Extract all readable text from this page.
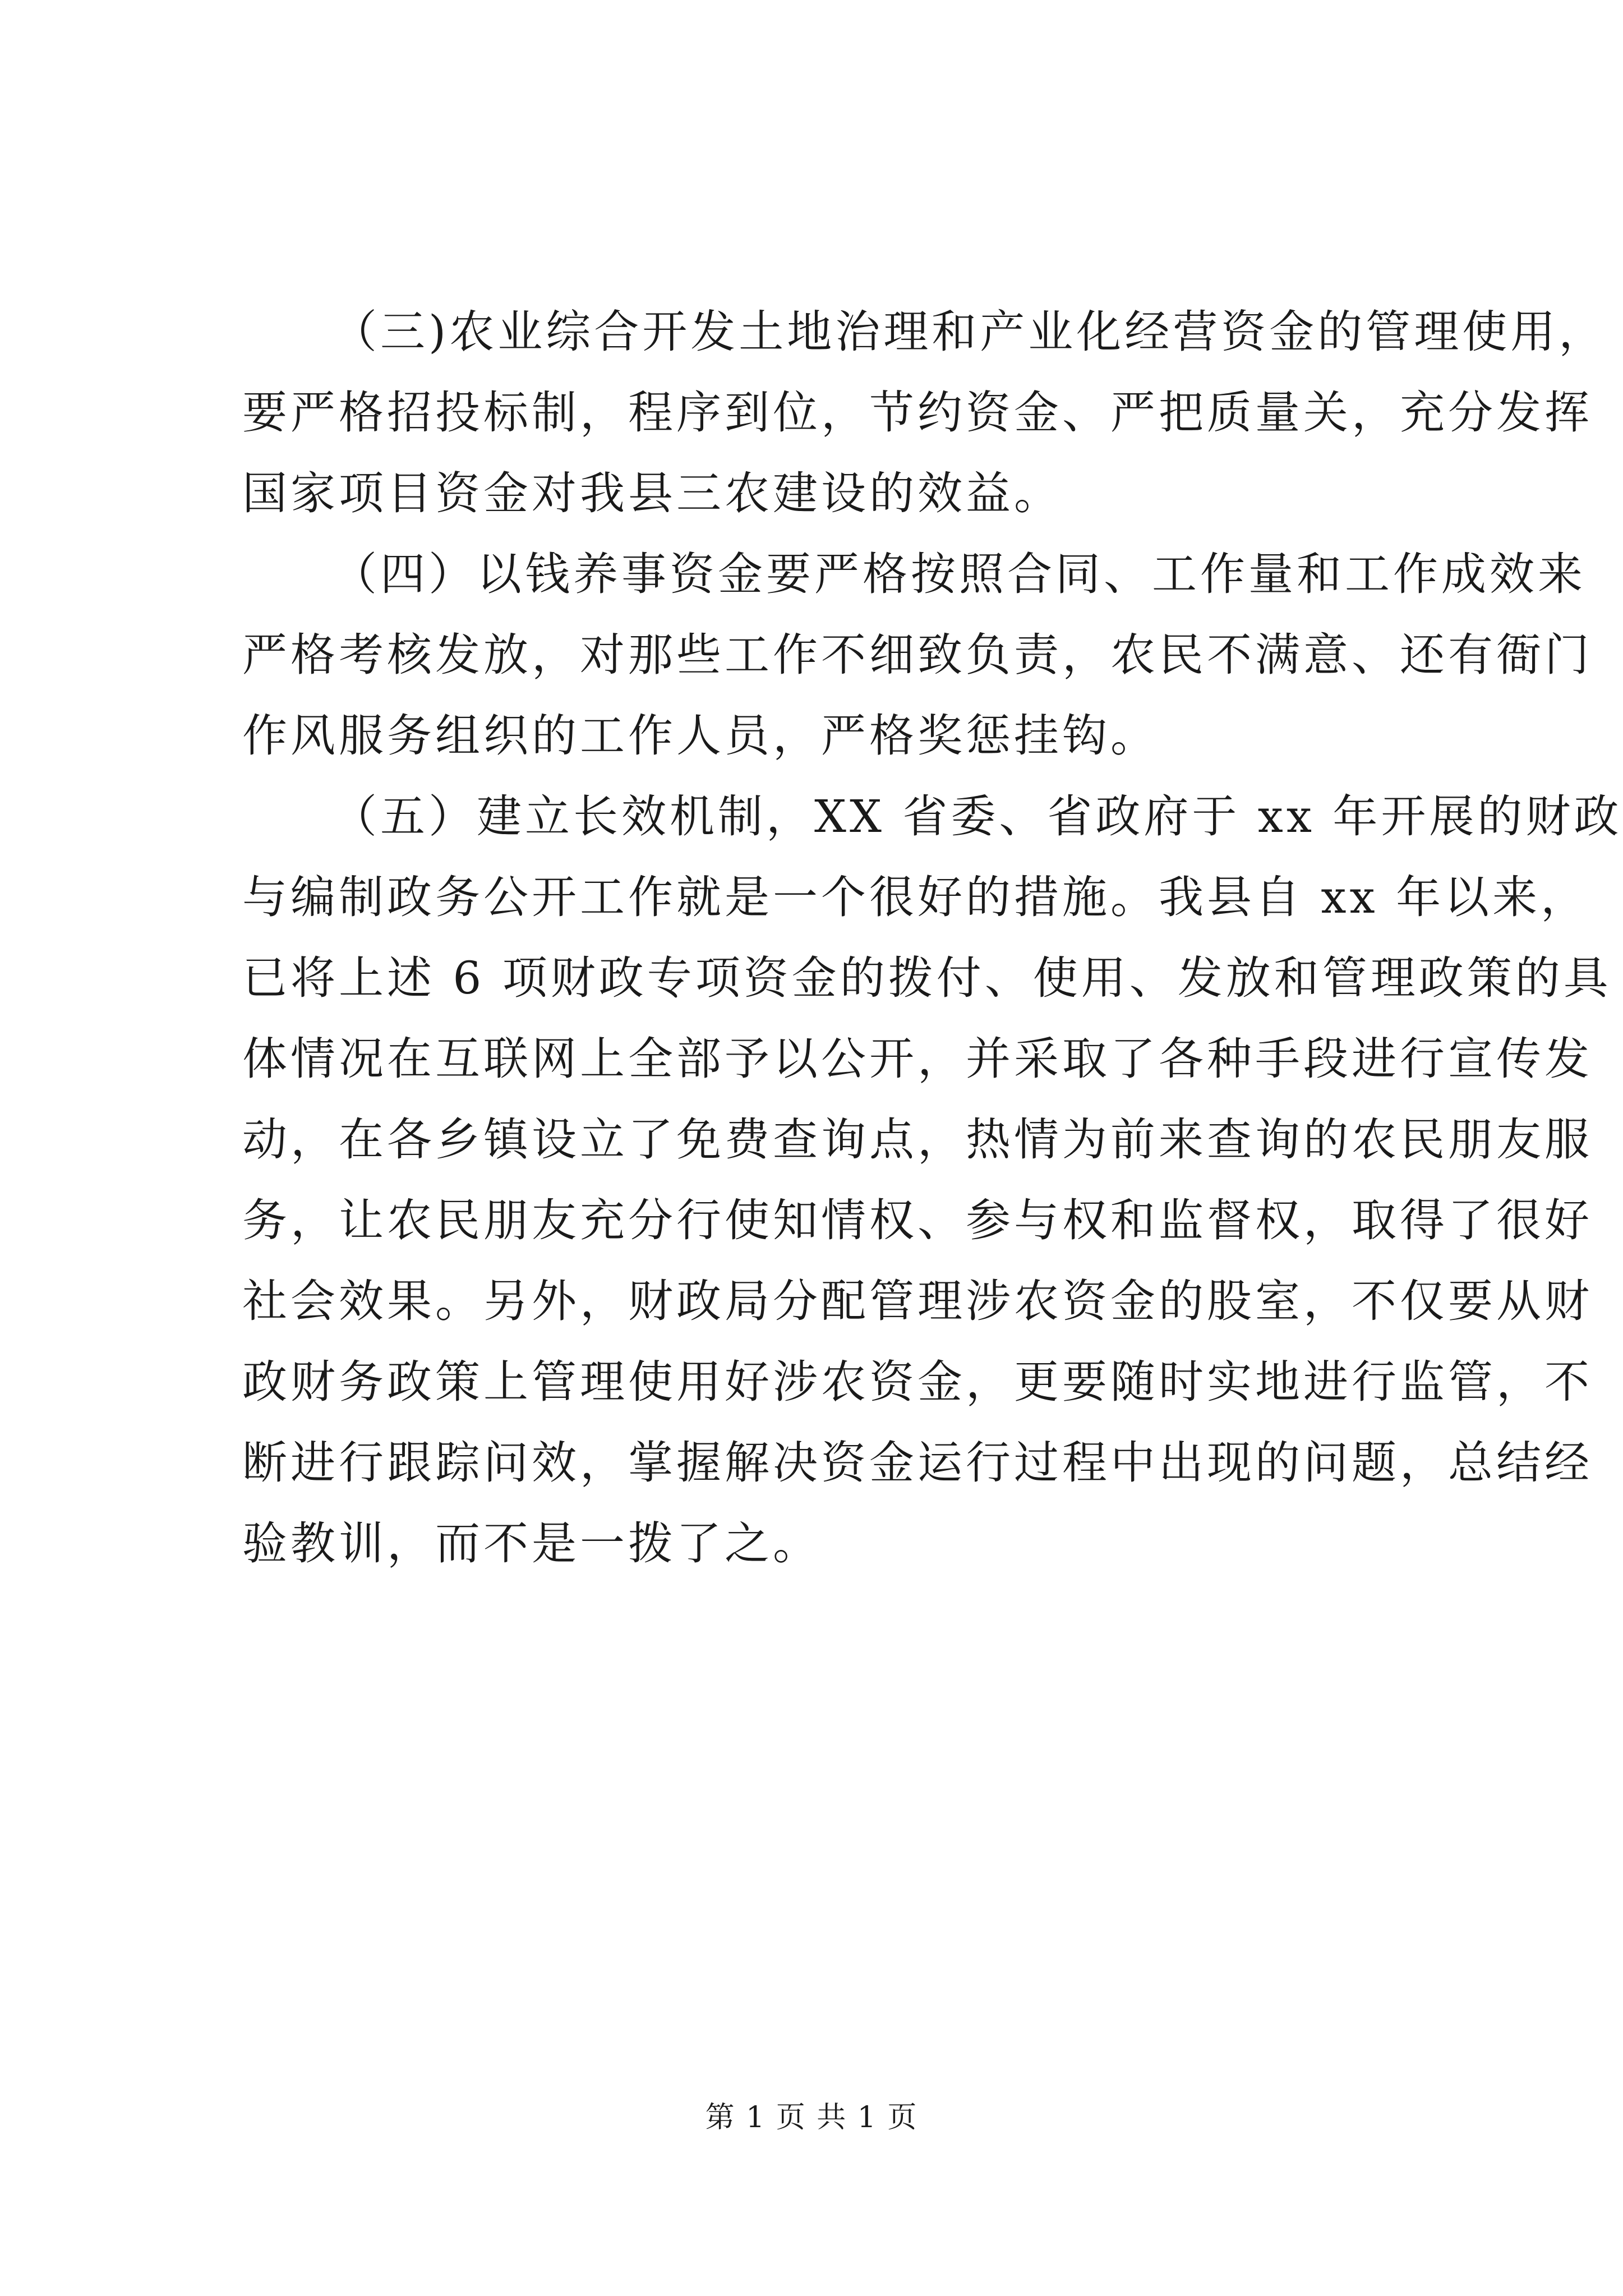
（三)农业综合开发土地治理和产业化经营资金的管理使用，
要严格招投标制，程序到位，节约资金、严把质量关，充分发挥
国家项目资金对我县三农建设的效益。
（四）以钱养事资金要严格按照合同、工作量和工作成效来
严格考核发放，对那些工作不细致负责，农民不满意、还有衙门
作风服务组织的工作人员，严格奖惩挂钩。
（五）建立长效机制，XX 省委、省政府于 xx 年开展的财政
与编制政务公开工作就是一个很好的措施。我县自 xx 年以来，
已将上述 6 项财政专项资金的拨付、使用、发放和管理政策的具
体情况在互联网上全部予以公开，并采取了各种手段进行宣传发
动，在各乡镇设立了免费查询点，热情为前来查询的农民朋友服
务，让农民朋友充分行使知情权、参与权和监督权，取得了很好
社会效果。另外，财政局分配管理涉农资金的股室，不仅要从财
政财务政策上管理使用好涉农资金，更要随时实地进行监管，不
断进行跟踪问效，掌握解决资金运行过程中出现的问题，总结经
验教训，而不是一拨了之。
第 1 页 共 1 页
